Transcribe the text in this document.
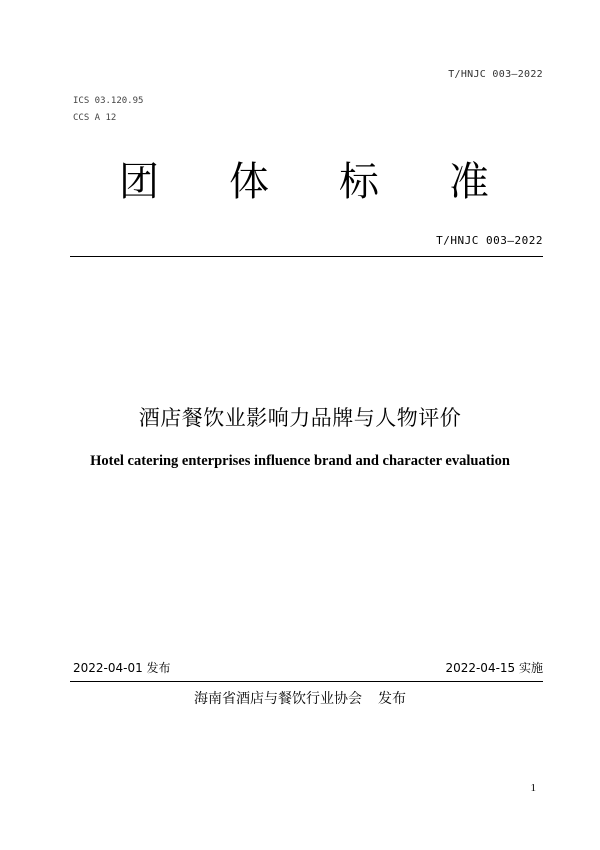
T/HNJC 003—2022
ICS 03.120.95
CCS A 12
团	体	标	准
T/HNJC 003—2022
酒店餐饮业影响力品牌与人物评价
Hotel catering enterprises influence brand and character evaluation
2022-04-01 发布	2022-04-15 实施
海南省酒店与餐饮行业协会 发布
1
